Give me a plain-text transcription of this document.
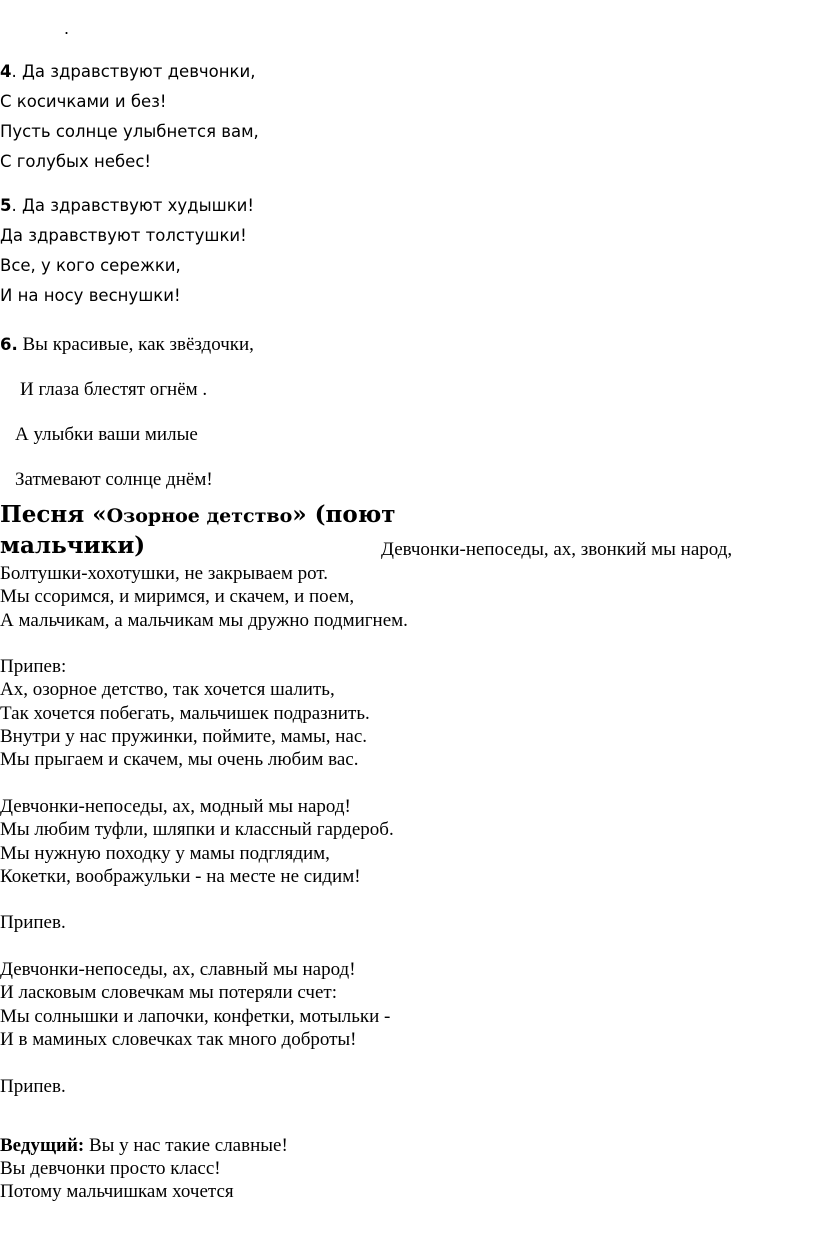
.
4. Да здравствуют девчонки,
С косичками и без!
Пусть солнце улыбнется вам,
С голубых небес!
5. Да здравствуют худышки!
Да здравствуют толстушки!
Все, у кого сережки,
И на носу веснушки!
6. Вы красивые, как звёздочки,
И глаза блестят огнём .
А улыбки ваши милые
Затмевают солнце днём!
Песня «Озорное детство» (поют
мальчики)	Девчонки-непоседы, ах, звонкий мы народ,
Болтушки-хохотушки, не закрываем рот.
Мы ссоримся, и миримся, и скачем, и поем,
А мальчикам, а мальчикам мы дружно подмигнем.
Припев:
Ах, озорное детство, так хочется шалить,
Так хочется побегать, мальчишек подразнить.
Внутри у нас пружинки, поймите, мамы, нас.
Мы прыгаем и скачем, мы очень любим вас.
Девчонки-непоседы, ах, модный мы народ!
Мы любим туфли, шляпки и классный гардероб.
Мы нужную походку у мамы подглядим,
Кокетки, воображульки - на месте не сидим!
Припев.
Девчонки-непоседы, ах, славный мы народ!
И ласковым словечкам мы потеряли счет:
Мы солнышки и лапочки, конфетки, мотыльки -
И в маминых словечках так много доброты!
Припев.
Ведущий: Вы у нас такие славные!
Вы девчонки просто класс!
Потому мальчишкам хочется
